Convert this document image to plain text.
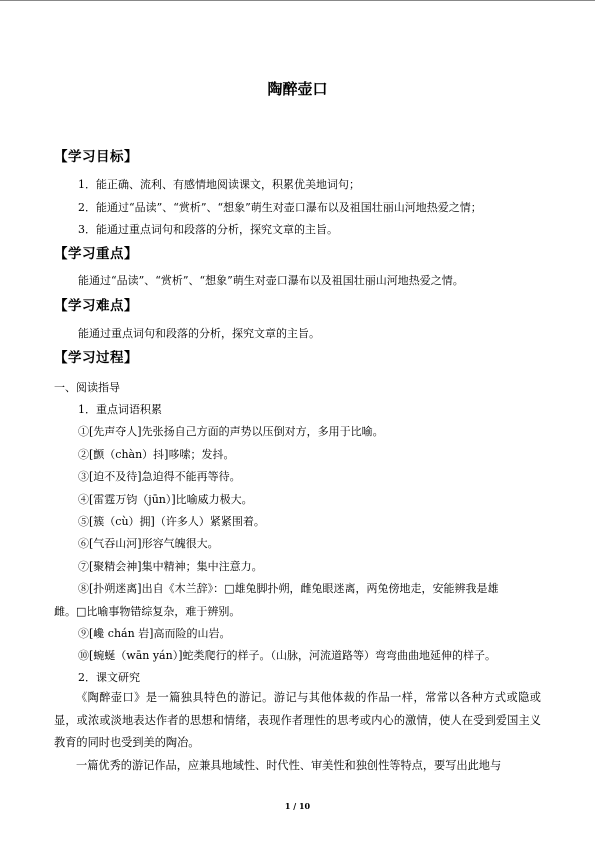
陶醉壶口
【学习目标】
1．能正确、流利、有感情地阅读课文，积累优美地词句；
2．能通过“品读”、“赏析”、“想象”萌生对壶口瀑布以及祖国壮丽山河地热爱之情；
3．能通过重点词句和段落的分析，探究文章的主旨。
【学习重点】
能通过“品读”、“赏析”、“想象”萌生对壶口瀑布以及祖国壮丽山河地热爱之情。
【学习难点】
能通过重点词句和段落的分析，探究文章的主旨。
【学习过程】
一、阅读指导
1．重点词语积累
①[先声夺人]先张扬自己方面的声势以压倒对方，多用于比喻。
②[颤（chàn）抖]哆嗦；发抖。
③[迫不及待]急迫得不能再等待。
④[雷霆万钧（jūn）]比喻威力极大。
⑤[簇（cù）拥]（许多人）紧紧围着。
⑥[气吞山河]形容气魄很大。
⑦[聚精会神]集中精神；集中注意力。
⑧[扑朔迷离]出自《木兰辞》：□雄兔脚扑朔，雌兔眼迷离，两兔傍地走，安能辨我是雄
雌。□比喻事物错综复杂，难于辨别。
⑨[巉 chán 岩]高而险的山岩。
⑩[蜿蜒（wān yán）]蛇类爬行的样子。（山脉，河流道路等）弯弯曲曲地延伸的样子。
2．课文研究
《陶醉壶口》是一篇独具特色的游记。游记与其他体裁的作品一样，常常以各种方式或隐或显，或浓或淡地表达作者的思想和情绪，表现作者理性的思考或内心的激情，使人在受到爱国主义教育的同时也受到美的陶冶。
一篇优秀的游记作品，应兼具地域性、时代性、审美性和独创性等特点，要写出此地与
1 / 10
